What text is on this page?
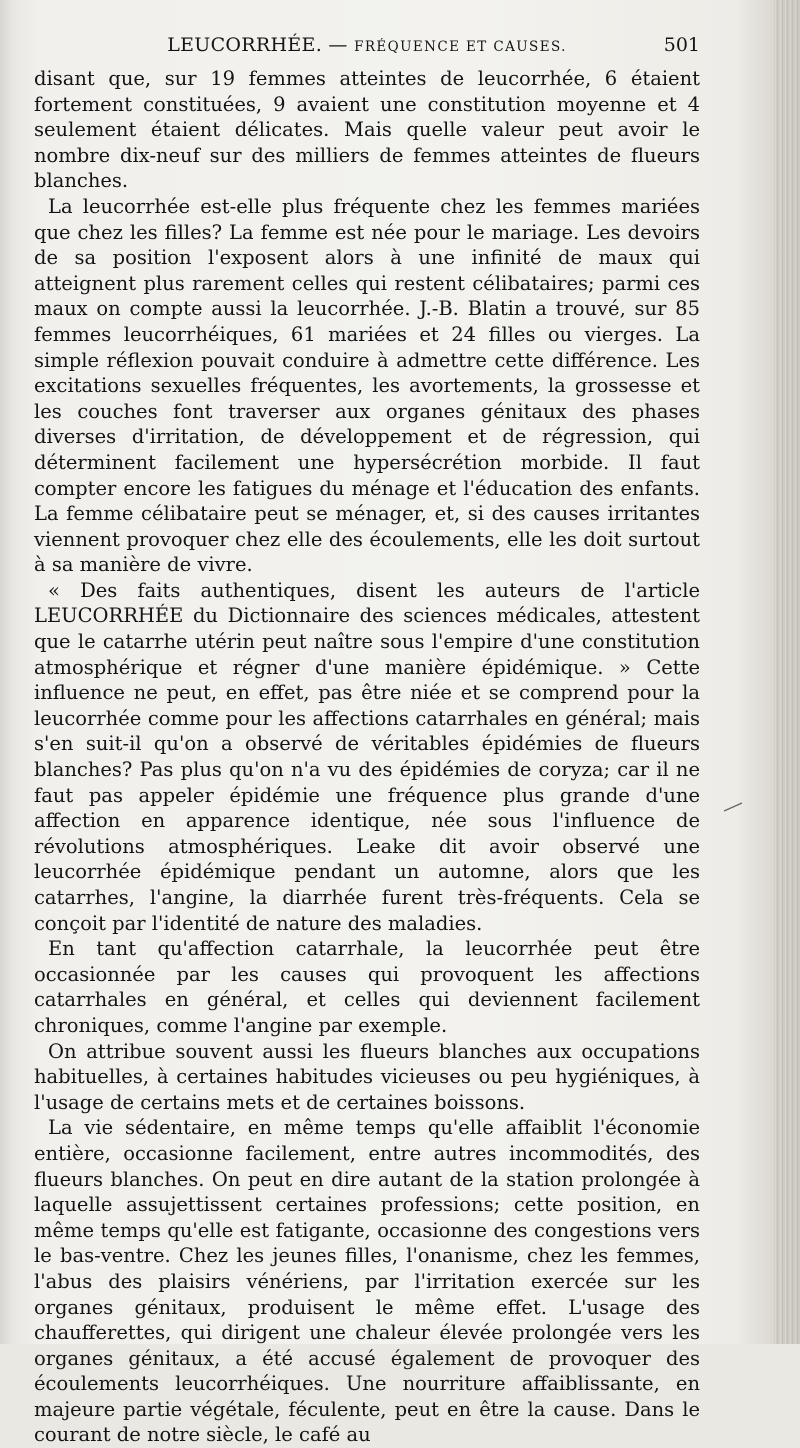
LEUCORRHÉE. — FRÉQUENCE ET CAUSES.	501

disant que, sur 19 femmes atteintes de leucorrhée, 6 étaient fortement constituées, 9 avaient une constitution moyenne et 4 seulement étaient délicates. Mais quelle valeur peut avoir le nombre dix-neuf sur des milliers de femmes atteintes de flueurs blanches.

La leucorrhée est-elle plus fréquente chez les femmes mariées que chez les filles? La femme est née pour le mariage. Les devoirs de sa position l'exposent alors à une infinité de maux qui atteignent plus rarement celles qui restent célibataires; parmi ces maux on compte aussi la leucorrhée. J.-B. Blatin a trouvé, sur 85 femmes leucorrhéiques, 61 mariées et 24 filles ou vierges. La simple réflexion pouvait conduire à admettre cette différence. Les excitations sexuelles fréquentes, les avortements, la grossesse et les couches font traverser aux organes génitaux des phases diverses d'irritation, de développement et de régression, qui déterminent facilement une hypersécrétion morbide. Il faut compter encore les fatigues du ménage et l'éducation des enfants. La femme célibataire peut se ménager, et, si des causes irritantes viennent provoquer chez elle des écoulements, elle les doit surtout à sa manière de vivre.

« Des faits authentiques, disent les auteurs de l'article LEUCORRHÉE du Dictionnaire des sciences médicales, attestent que le catarrhe utérin peut naître sous l'empire d'une constitution atmosphérique et régner d'une manière épidémique. » Cette influence ne peut, en effet, pas être niée et se comprend pour la leucorrhée comme pour les affections catarrhales en général; mais s'en suit-il qu'on a observé de véritables épidémies de flueurs blanches? Pas plus qu'on n'a vu des épidémies de coryza; car il ne faut pas appeler épidémie une fréquence plus grande d'une affection en apparence identique, née sous l'influence de révolutions atmosphériques. Leake dit avoir observé une leucorrhée épidémique pendant un automne, alors que les catarrhes, l'angine, la diarrhée furent très-fréquents. Cela se conçoit par l'identité de nature des maladies.

En tant qu'affection catarrhale, la leucorrhée peut être occasionnée par les causes qui provoquent les affections catarrhales en général, et celles qui deviennent facilement chroniques, comme l'angine par exemple.

On attribue souvent aussi les flueurs blanches aux occupations habituelles, à certaines habitudes vicieuses ou peu hygiéniques, à l'usage de certains mets et de certaines boissons.

La vie sédentaire, en même temps qu'elle affaiblit l'économie entière, occasionne facilement, entre autres incommodités, des flueurs blanches. On peut en dire autant de la station prolongée à laquelle assujettissent certaines professions; cette position, en même temps qu'elle est fatigante, occasionne des congestions vers le bas-ventre. Chez les jeunes filles, l'onanisme, chez les femmes, l'abus des plaisirs vénériens, par l'irritation exercée sur les organes génitaux, produisent le même effet. L'usage des chaufferettes, qui dirigent une chaleur élevée prolongée vers les organes génitaux, a été accusé également de provoquer des écoulements leucorrhéiques. Une nourriture affaiblissante, en majeure partie végétale, féculente, peut en être la cause. Dans le courant de notre siècle, le café au
